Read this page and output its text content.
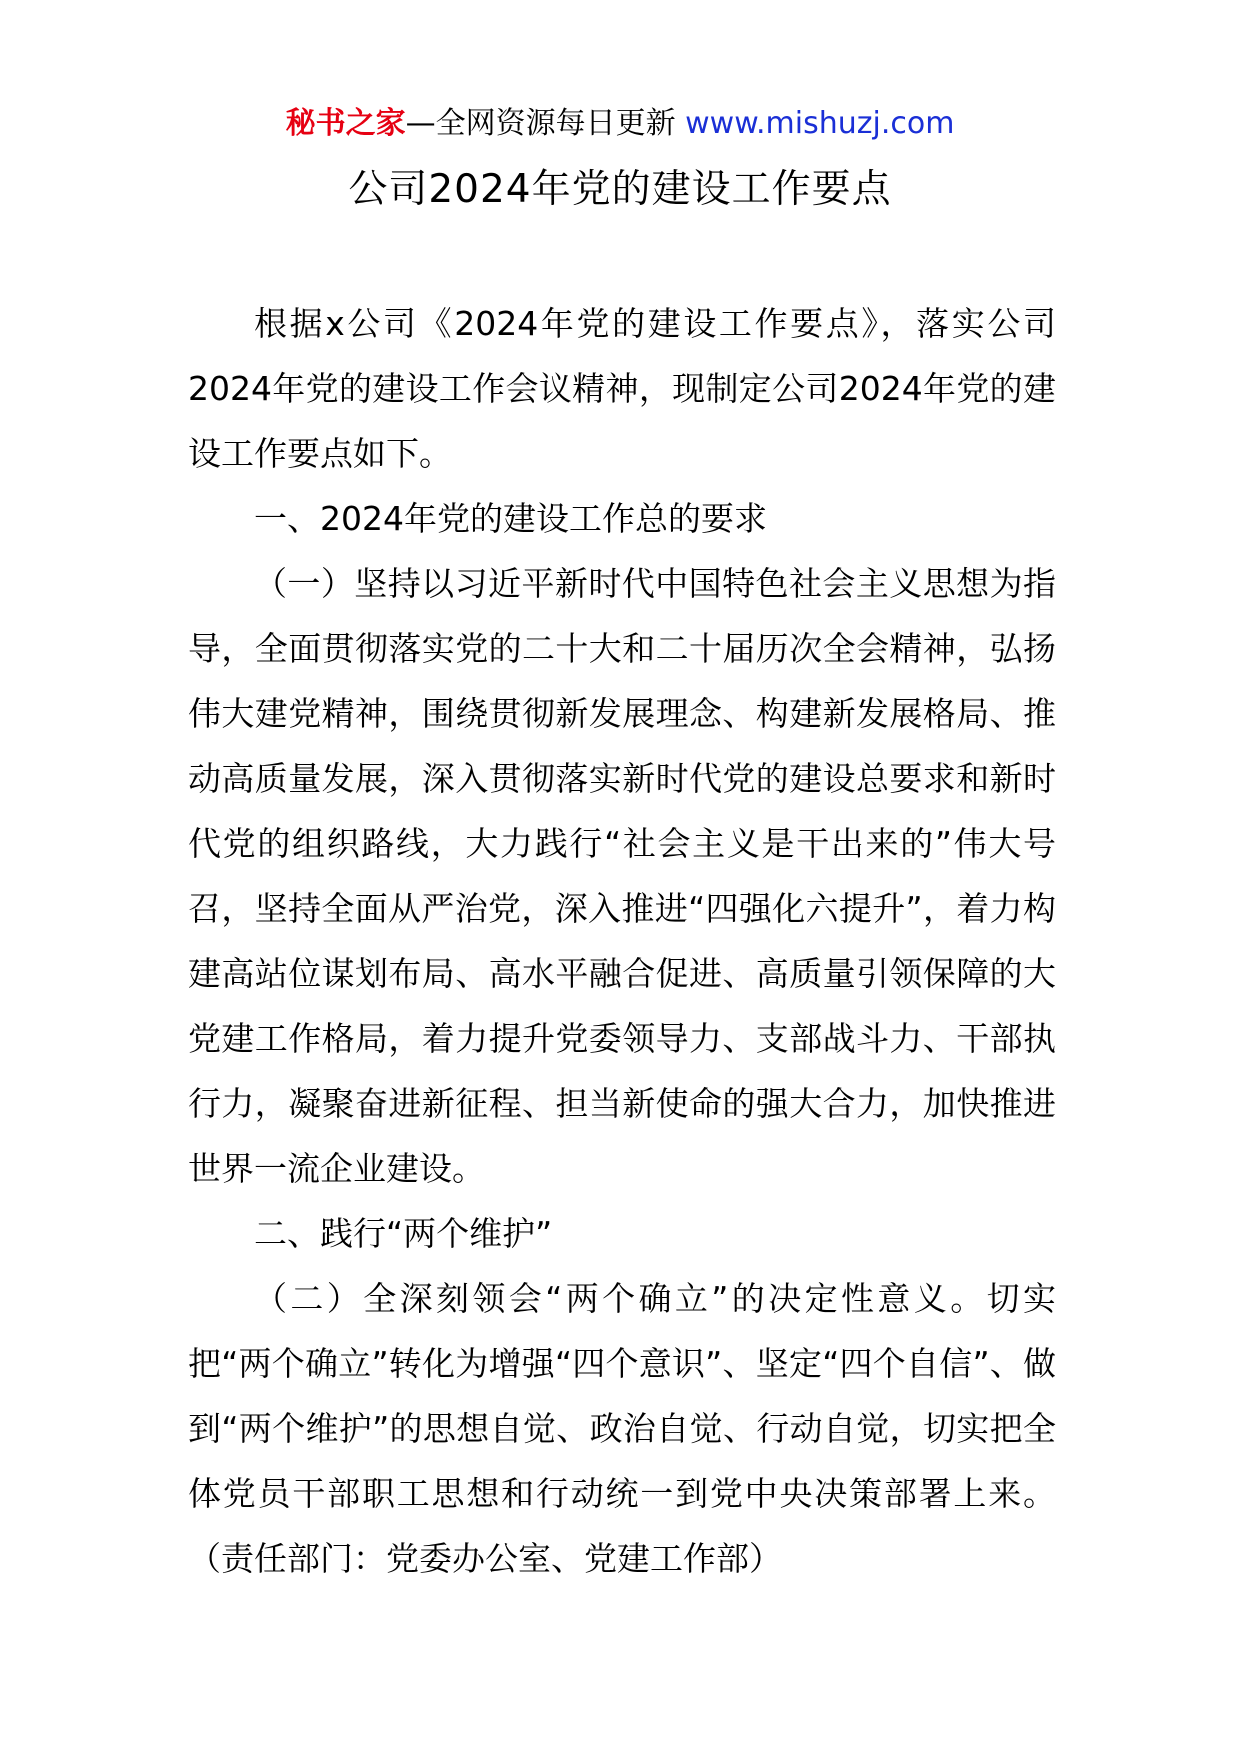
秘书之家—全网资源每日更新 www.mishuzj.com
公司2024年党的建设工作要点

根据x公司《2024年党的建设工作要点》，落实公司2024年党的建设工作会议精神，现制定公司2024年党的建设工作要点如下。

一、2024年党的建设工作总的要求

（一）坚持以习近平新时代中国特色社会主义思想为指导，全面贯彻落实党的二十大和二十届历次全会精神，弘扬伟大建党精神，围绕贯彻新发展理念、构建新发展格局、推动高质量发展，深入贯彻落实新时代党的建设总要求和新时代党的组织路线，大力践行“社会主义是干出来的”伟大号召，坚持全面从严治党，深入推进“四强化六提升”，着力构建高站位谋划布局、高水平融合促进、高质量引领保障的大党建工作格局，着力提升党委领导力、支部战斗力、干部执行力，凝聚奋进新征程、担当新使命的强大合力，加快推进世界一流企业建设。

二、践行“两个维护”

（二）全深刻领会“两个确立”的决定性意义。切实把“两个确立”转化为增强“四个意识”、坚定“四个自信”、做到“两个维护”的思想自觉、政治自觉、行动自觉，切实把全体党员干部职工思想和行动统一到党中央决策部署上来。（责任部门：党委办公室、党建工作部）
